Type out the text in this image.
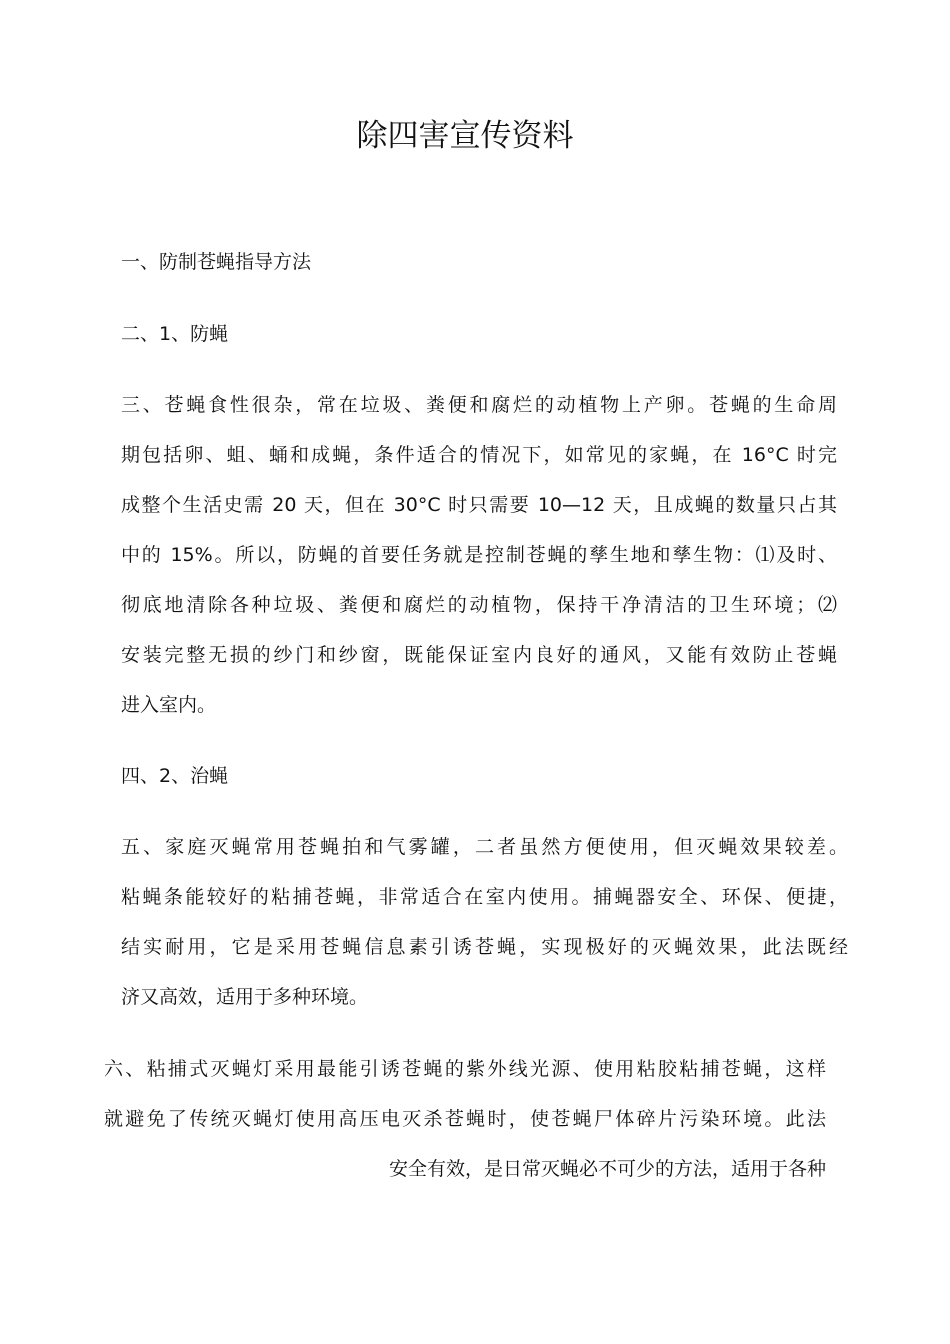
除四害宣传资料

一、防制苍蝇指导方法

二、1、防蝇

三、苍蝇食性很杂，常在垃圾、粪便和腐烂的动植物上产卵。苍蝇的生命周
期包括卵、蛆、蛹和成蝇，条件适合的情况下，如常见的家蝇，在 16°C 时完
成整个生活史需 20 天，但在 30°C 时只需要 10—12 天，且成蝇的数量只占其
中的 15%。所以，防蝇的首要任务就是控制苍蝇的孳生地和孳生物：⑴及时、
彻底地清除各种垃圾、粪便和腐烂的动植物，保持干净清洁的卫生环境；⑵
安装完整无损的纱门和纱窗，既能保证室内良好的通风，又能有效防止苍蝇
进入室内。

四、2、治蝇

五、家庭灭蝇常用苍蝇拍和气雾罐，二者虽然方便使用，但灭蝇效果较差。
粘蝇条能较好的粘捕苍蝇，非常适合在室内使用。捕蝇器安全、环保、便捷，
结实耐用，它是采用苍蝇信息素引诱苍蝇，实现极好的灭蝇效果，此法既经
济又高效，适用于多种环境。
六、粘捕式灭蝇灯采用最能引诱苍蝇的紫外线光源、使用粘胶粘捕苍蝇，这样
就避免了传统灭蝇灯使用高压电灭杀苍蝇时，使苍蝇尸体碎片污染环境。此法
安全有效，是日常灭蝇必不可少的方法，适用于各种
